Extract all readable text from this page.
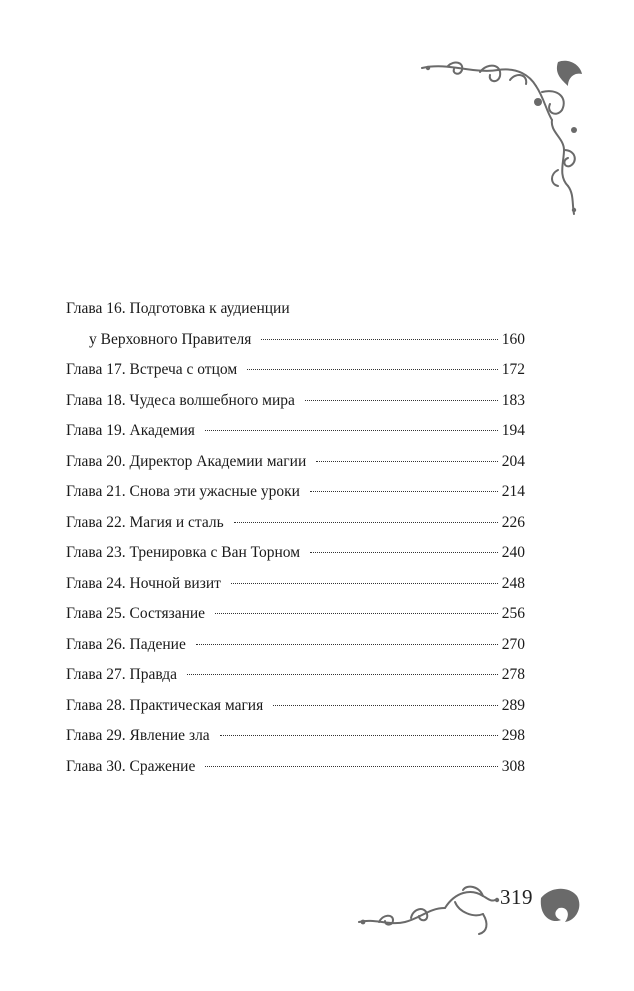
Глава 16. Подготовка к аудиенции
у Верховного Правителя	160
Глава 17. Встреча с отцом	172
Глава 18. Чудеса волшебного мира	183
Глава 19. Академия	194
Глава 20. Директор Академии магии	204
Глава 21. Снова эти ужасные уроки	214
Глава 22. Магия и сталь	226
Глава 23. Тренировка с Ван Торном	240
Глава 24. Ночной визит	248
Глава 25. Состязание	256
Глава 26. Падение	270
Глава 27. Правда	278
Глава 28. Практическая магия	289
Глава 29. Явление зла	298
Глава 30. Сражение	308
319
